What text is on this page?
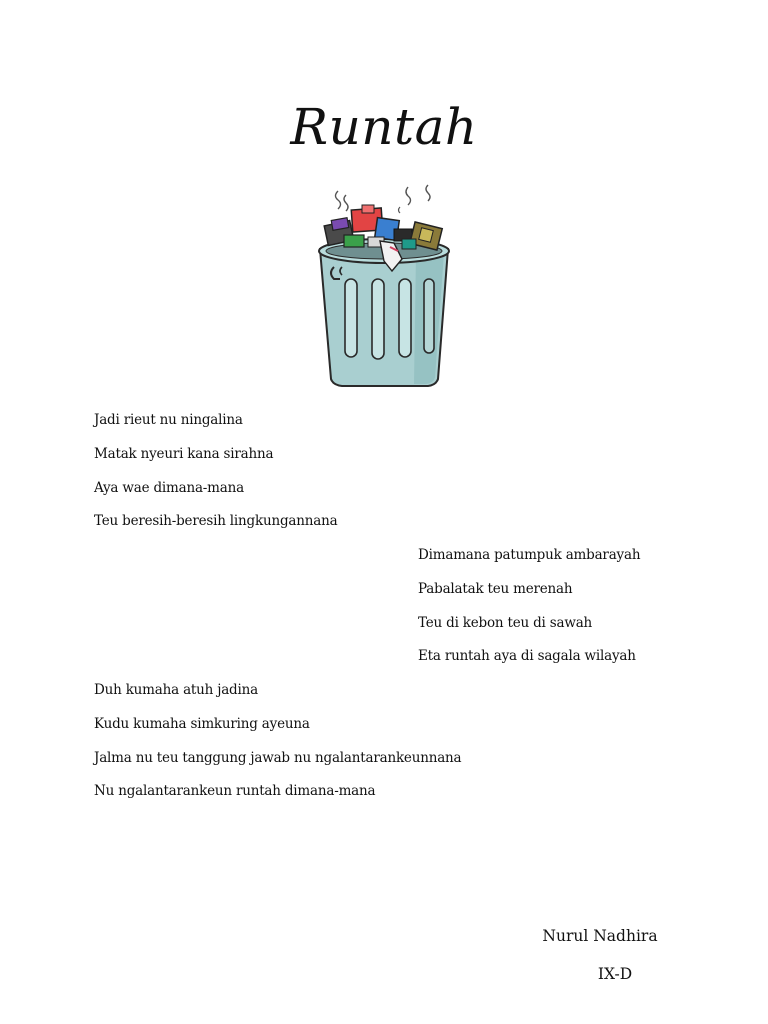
Runtah
Jadi rieut nu ningalina
Matak nyeuri kana sirahna
Aya wae dimana-mana
Teu beresih-beresih lingkungannana
Dimamana patumpuk ambarayah
Pabalatak teu merenah
Teu di kebon teu di sawah
Eta runtah aya di sagala wilayah
Duh kumaha atuh jadina
Kudu kumaha simkuring ayeuna
Jalma nu teu tanggung jawab nu ngalantarankeunnana
Nu ngalantarankeun runtah dimana-mana

Nurul Nadhira

IX-D
